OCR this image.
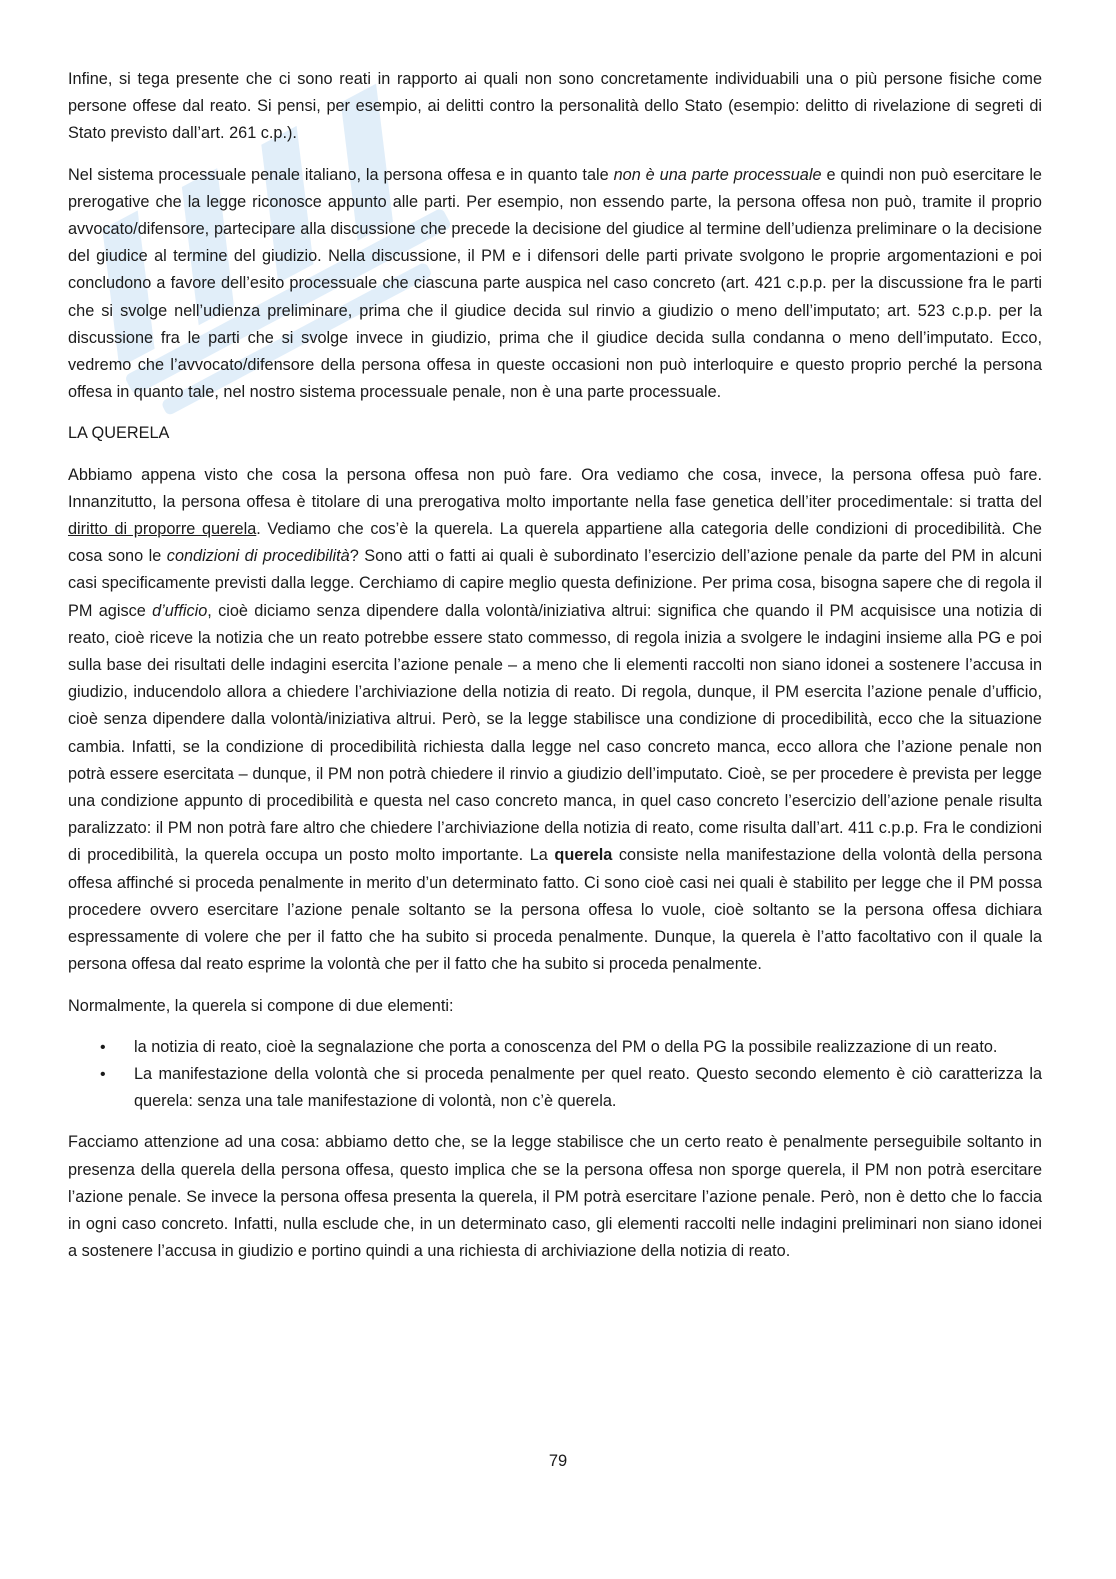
Infine, si tega presente che ci sono reati in rapporto ai quali non sono concretamente individuabili una o più persone fisiche come persone offese dal reato. Si pensi, per esempio, ai delitti contro la personalità dello Stato (esempio: delitto di rivelazione di segreti di Stato previsto dall’art. 261 c.p.).

Nel sistema processuale penale italiano, la persona offesa e in quanto tale non è una parte processuale e quindi non può esercitare le prerogative che la legge riconosce appunto alle parti. Per esempio, non essendo parte, la persona offesa non può, tramite il proprio avvocato/difensore, partecipare alla discussione che precede la decisione del giudice al termine dell’udienza preliminare o la decisione del giudice al termine del giudizio. Nella discussione, il PM e i difensori delle parti private svolgono le proprie argomentazioni e poi concludono a favore dell’esito processuale che ciascuna parte auspica nel caso concreto (art. 421 c.p.p. per la discussione fra le parti che si svolge nell’udienza preliminare, prima che il giudice decida sul rinvio a giudizio o meno dell’imputato; art. 523 c.p.p. per la discussione fra le parti che si svolge invece in giudizio, prima che il giudice decida sulla condanna o meno dell’imputato. Ecco, vedremo che l’avvocato/difensore della persona offesa in queste occasioni non può interloquire e questo proprio perché la persona offesa in quanto tale, nel nostro sistema processuale penale, non è una parte processuale.

LA QUERELA

Abbiamo appena visto che cosa la persona offesa non può fare. Ora vediamo che cosa, invece, la persona offesa può fare. Innanzitutto, la persona offesa è titolare di una prerogativa molto importante nella fase genetica dell’iter procedimentale: si tratta del diritto di proporre querela. Vediamo che cos’è la querela. La querela appartiene alla categoria delle condizioni di procedibilità. Che cosa sono le condizioni di procedibilità? Sono atti o fatti ai quali è subordinato l’esercizio dell’azione penale da parte del PM in alcuni casi specificamente previsti dalla legge. Cerchiamo di capire meglio questa definizione. Per prima cosa, bisogna sapere che di regola il PM agisce d’ufficio, cioè diciamo senza dipendere dalla volontà/iniziativa altrui: significa che quando il PM acquisisce una notizia di reato, cioè riceve la notizia che un reato potrebbe essere stato commesso, di regola inizia a svolgere le indagini insieme alla PG e poi sulla base dei risultati delle indagini esercita l’azione penale – a meno che li elementi raccolti non siano idonei a sostenere l’accusa in giudizio, inducendolo allora a chiedere l’archiviazione della notizia di reato. Di regola, dunque, il PM esercita l’azione penale d’ufficio, cioè senza dipendere dalla volontà/iniziativa altrui. Però, se la legge stabilisce una condizione di procedibilità, ecco che la situazione cambia. Infatti, se la condizione di procedibilità richiesta dalla legge nel caso concreto manca, ecco allora che l’azione penale non potrà essere esercitata – dunque, il PM non potrà chiedere il rinvio a giudizio dell’imputato. Cioè, se per procedere è prevista per legge una condizione appunto di procedibilità e questa nel caso concreto manca, in quel caso concreto l’esercizio dell’azione penale risulta paralizzato: il PM non potrà fare altro che chiedere l’archiviazione della notizia di reato, come risulta dall’art. 411 c.p.p. Fra le condizioni di procedibilità, la querela occupa un posto molto importante. La querela consiste nella manifestazione della volontà della persona offesa affinché si proceda penalmente in merito d’un determinato fatto. Ci sono cioè casi nei quali è stabilito per legge che il PM possa procedere ovvero esercitare l’azione penale soltanto se la persona offesa lo vuole, cioè soltanto se la persona offesa dichiara espressamente di volere che per il fatto che ha subito si proceda penalmente. Dunque, la querela è l’atto facoltativo con il quale la persona offesa dal reato esprime la volontà che per il fatto che ha subito si proceda penalmente.

Normalmente, la querela si compone di due elementi:

• la notizia di reato, cioè la segnalazione che porta a conoscenza del PM o della PG la possibile realizzazione di un reato.
• La manifestazione della volontà che si proceda penalmente per quel reato. Questo secondo elemento è ciò caratterizza la querela: senza una tale manifestazione di volontà, non c’è querela.

Facciamo attenzione ad una cosa: abbiamo detto che, se la legge stabilisce che un certo reato è penalmente perseguibile soltanto in presenza della querela della persona offesa, questo implica che se la persona offesa non sporge querela, il PM non potrà esercitare l’azione penale. Se invece la persona offesa presenta la querela, il PM potrà esercitare l’azione penale. Però, non è detto che lo faccia in ogni caso concreto. Infatti, nulla esclude che, in un determinato caso, gli elementi raccolti nelle indagini preliminari non siano idonei a sostenere l’accusa in giudizio e portino quindi a una richiesta di archiviazione della notizia di reato.

79
